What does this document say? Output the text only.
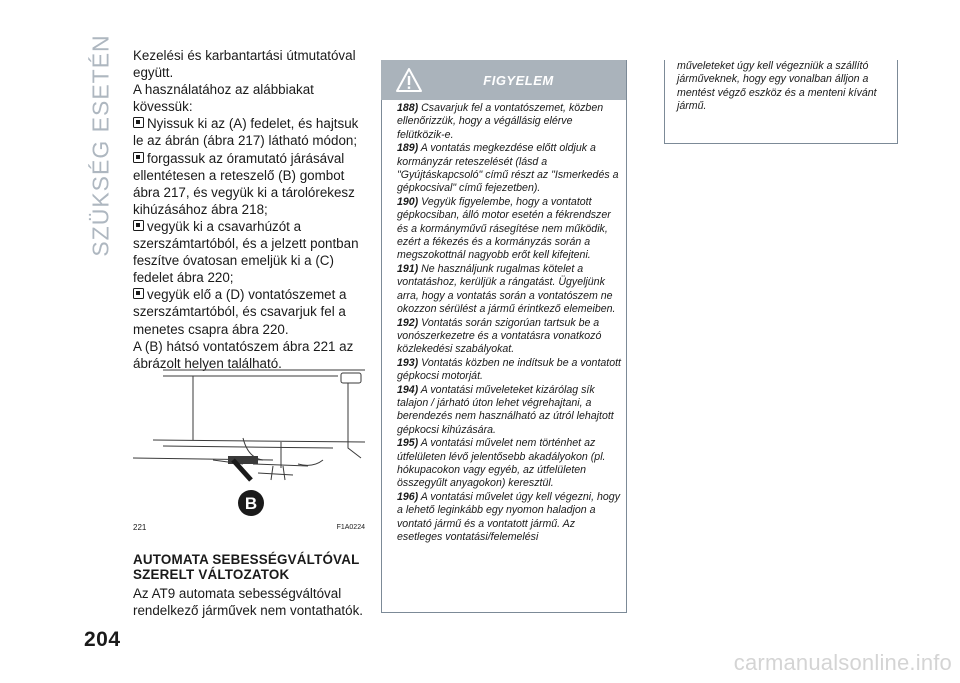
SZÜKSÉG ESETÉN Kezelési és karbantartási útmutatóval együtt.

A használatához az alábbiakat kövessük:

Nyissuk ki az (A) fedelet, és hajtsuk le az ábrán (ábra 217) látható módon;

forgassuk az óramutató járásával ellentétesen a reteszelő (B) gombot ábra 217, és vegyük ki a tárolórekesz kihúzásához ábra 218;

vegyük ki a csavarhúzót a szerszámtartóból, és a jelzett pontban feszítve óvatosan emeljük ki a (C) fedelet ábra 220;

vegyük elő a (D) vontatószemet a szerszámtartóból, és csavarjuk fel a menetes csapra ábra 220.

A (B) hátsó vontatószem ábra 221 az ábrázolt helyen található.

B
221	F1A0224
AUTOMATA SEBESSÉGVÁLTÓVAL
SZERELT VÁLTOZATOK

Az AT9 automata sebességváltóval rendelkező járművek nem vontathatók.

204
FIGYELEM

188) Csavarjuk fel a vontatószemet, közben ellenőrizzük, hogy a végállásig elérve felütközik-e.

189) A vontatás megkezdése előtt oldjuk a kormányzár reteszelését (lásd a "Gyújtáskapcsoló" című részt az "Ismerkedés a gépkocsival" című fejezetben).

190) Vegyük figyelembe, hogy a vontatott gépkocsiban, álló motor esetén a fékrendszer és a kormányművű rásegítése nem működik, ezért a fékezés és a kormányzás során a megszokottnál nagyobb erőt kell kifejteni.

191) Ne használjunk rugalmas kötelet a vontatáshoz, kerüljük a rángatást. Ügyeljünk arra, hogy a vontatás során a vontatószem ne okozzon sérülést a jármű érintkező elemeiben.

192) Vontatás során szigorúan tartsuk be a vonószerkezetre és a vontatásra vonatkozó közlekedési szabályokat.

193) Vontatás közben ne indítsuk be a vontatott gépkocsi motorját.

194) A vontatási műveleteket kizárólag sík talajon / járható úton lehet végrehajtani, a berendezés nem használható az útról lehajtott gépkocsi kihúzására.

195) A vontatási művelet nem történhet az útfelületen lévő jelentősebb akadályokon (pl. hókupacokon vagy egyéb, az útfelületen összegyűlt anyagokon) keresztül.

196) A vontatási művelet úgy kell végezni, hogy a lehető leginkább egy nyomon haladjon a vontató jármű és a vontatott jármű. Az esetleges vontatási/felemelési

műveleteket úgy kell végezniük a szállító járműveknek, hogy egy vonalban álljon a mentést végző eszköz és a menteni kívánt jármű.

carmanualsonline.info
